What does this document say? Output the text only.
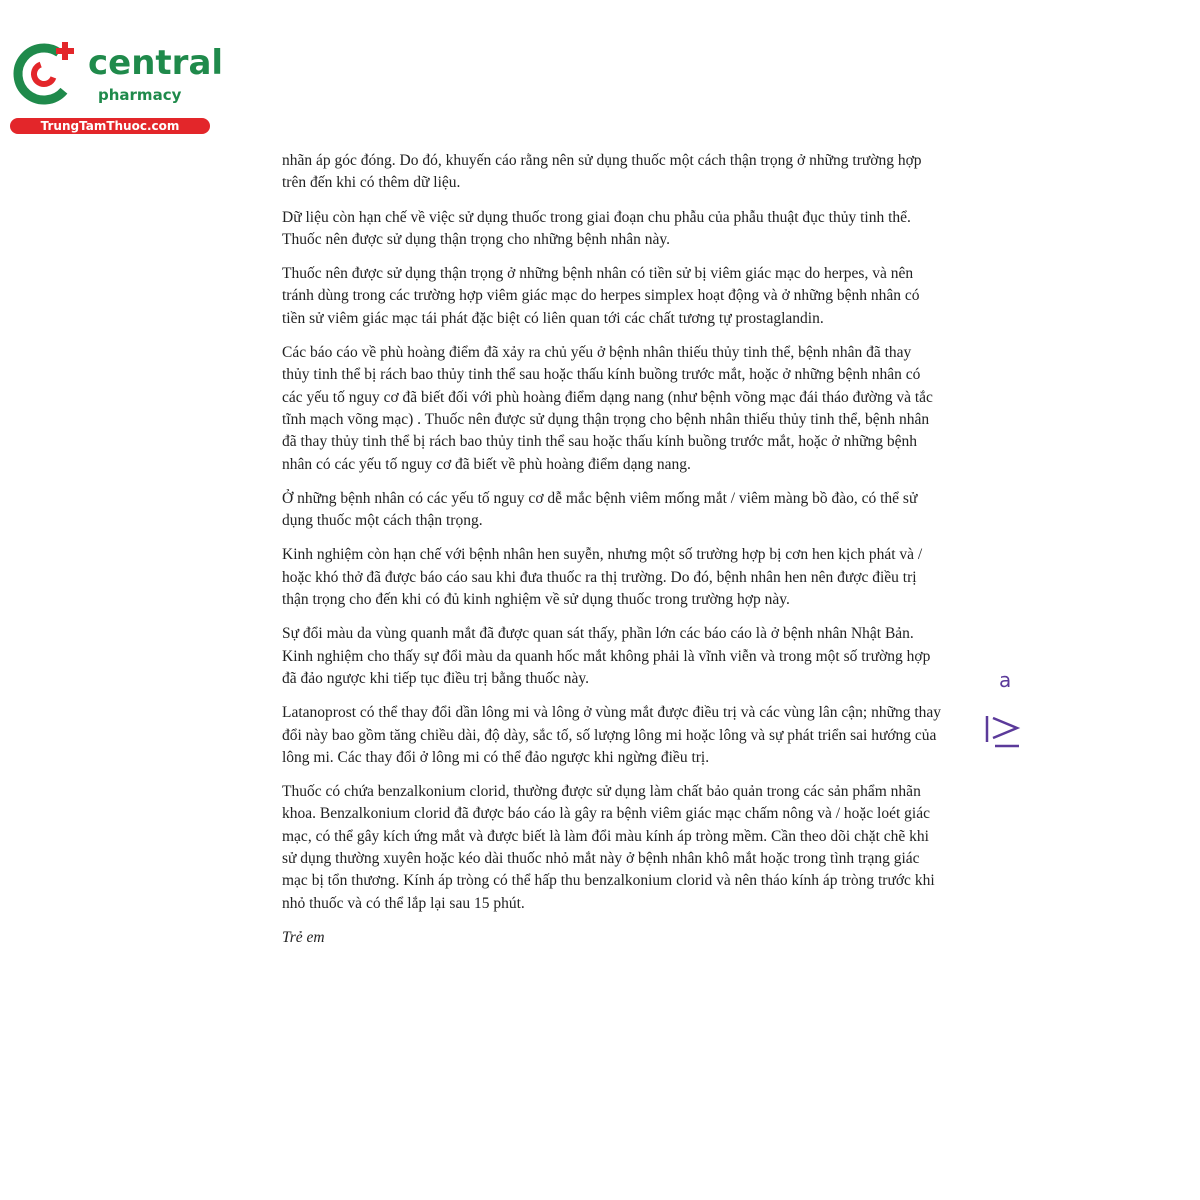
central
pharmacy
TrungTamThuoc.com

nhãn áp góc đóng. Do đó, khuyến cáo rằng nên sử dụng thuốc một cách thận trọng ở những trường hợp trên đến khi có thêm dữ liệu.

Dữ liệu còn hạn chế về việc sử dụng thuốc trong giai đoạn chu phẫu của phẫu thuật đục thủy tinh thể. Thuốc nên được sử dụng thận trọng cho những bệnh nhân này.

Thuốc nên được sử dụng thận trọng ở những bệnh nhân có tiền sử bị viêm giác mạc do herpes, và nên tránh dùng trong các trường hợp viêm giác mạc do herpes simplex hoạt động và ở những bệnh nhân có tiền sử viêm giác mạc tái phát đặc biệt có liên quan tới các chất tương tự prostaglandin.

Các báo cáo về phù hoàng điểm đã xảy ra chủ yếu ở bệnh nhân thiếu thủy tinh thể, bệnh nhân đã thay thủy tinh thể bị rách bao thủy tinh thể sau hoặc thấu kính buồng trước mắt, hoặc ở những bệnh nhân có các yếu tố nguy cơ đã biết đối với phù hoàng điểm dạng nang (như bệnh võng mạc đái tháo đường và tắc tĩnh mạch võng mạc) . Thuốc nên được sử dụng thận trọng cho bệnh nhân thiếu thủy tinh thể, bệnh nhân đã thay thủy tinh thể bị rách bao thủy tinh thể sau hoặc thấu kính buồng trước mắt, hoặc ở những bệnh nhân có các yếu tố nguy cơ đã biết về phù hoàng điểm dạng nang.

Ở những bệnh nhân có các yếu tố nguy cơ dễ mắc bệnh viêm mống mắt / viêm màng bồ đào, có thể sử dụng thuốc một cách thận trọng.

Kinh nghiệm còn hạn chế với bệnh nhân hen suyễn, nhưng một số trường hợp bị cơn hen kịch phát và / hoặc khó thở đã được báo cáo sau khi đưa thuốc ra thị trường. Do đó, bệnh nhân hen nên được điều trị thận trọng cho đến khi có đủ kinh nghiệm về sử dụng thuốc trong trường hợp này.

Sự đổi màu da vùng quanh mắt đã được quan sát thấy, phần lớn các báo cáo là ở bệnh nhân Nhật Bản. Kinh nghiệm cho thấy sự đổi màu da quanh hốc mắt không phải là vĩnh viễn và trong một số trường hợp đã đảo ngược khi tiếp tục điều trị bằng thuốc này.

Latanoprost có thể thay đổi dần lông mi và lông ở vùng mắt được điều trị và các vùng lân cận; những thay đổi này bao gồm tăng chiều dài, độ dày, sắc tố, số lượng lông mi hoặc lông và sự phát triển sai hướng của lông mi. Các thay đổi ở lông mi có thể đảo ngược khi ngừng điều trị.

Thuốc có chứa benzalkonium clorid, thường được sử dụng làm chất bảo quản trong các sản phẩm nhãn khoa. Benzalkonium clorid đã được báo cáo là gây ra bệnh viêm giác mạc chấm nông và / hoặc loét giác mạc, có thể gây kích ứng mắt và được biết là làm đổi màu kính áp tròng mềm. Cần theo dõi chặt chẽ khi sử dụng thường xuyên hoặc kéo dài thuốc nhỏ mắt này ở bệnh nhân khô mắt hoặc trong tình trạng giác mạc bị tổn thương. Kính áp tròng có thể hấp thu benzalkonium clorid và nên tháo kính áp tròng trước khi nhỏ thuốc và có thể lắp lại sau 15 phút.

Trẻ em

a
